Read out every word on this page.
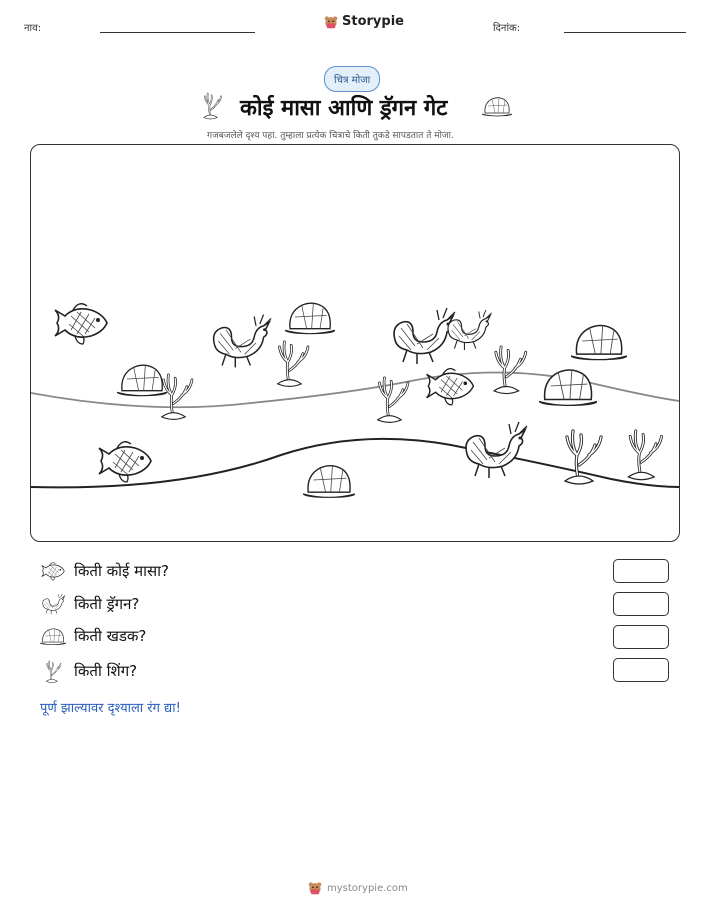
नाव:	Storypie	दिनांक:
चित्र मोजा
कोई मासा आणि ड्रॅगन गेट
गजबजलेले दृश्य पहा. तुम्हाला प्रत्येक चित्राचे किती तुकडे सापडतात ते मोजा.
किती कोई मासा?
किती ड्रॅगन?
किती खडक?
किती शिंग?
पूर्ण झाल्यावर दृश्याला रंग द्या!
mystorypie.com
